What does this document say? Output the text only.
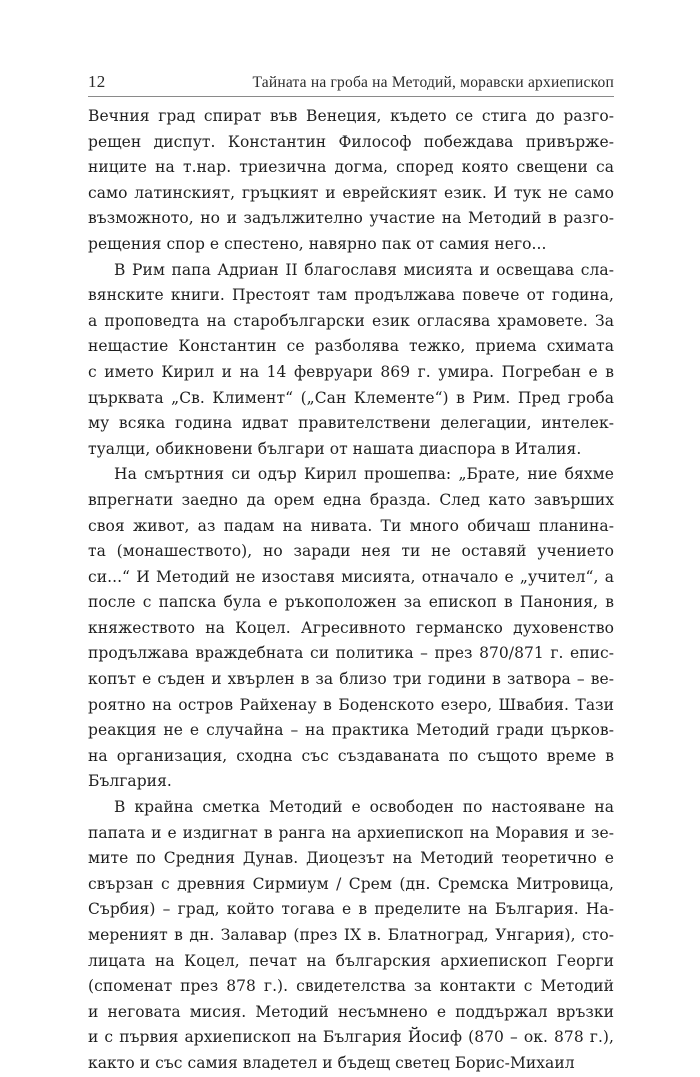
12	Тайната на гроба на Методий, моравски архиепископ
Вечния град спират във Венеция, където се стига до разго-
рещен диспут. Константин Философ побеждава привърже-
ниците на т.нар. триезична догма, според която свещени са
само латинският, гръцкият и еврейският език. И тук не само
възможното, но и задължително участие на Методий в разго-
рещения спор е спестено, навярно пак от самия него...
В Рим папа Адриан II благославя мисията и освещава сла-
вянските книги. Престоят там продължава повече от година,
а проповедта на старобългарски език огласява храмовете. За
нещастие Константин се разболява тежко, приема схимата
с името Кирил и на 14 февруари 869 г. умира. Погребан е в
църквата „Св. Климент“ („Сан Клементе“) в Рим. Пред гроба
му всяка година идват правителствени делегации, интелек-
туалци, обикновени българи от нашата диаспора в Италия.
На смъртния си одър Кирил прошепва: „Брате, ние бяхме
впрегнати заедно да орем една бразда. След като завърших
своя живот, аз падам на нивата. Ти много обичаш планина-
та (монашеството), но заради нея ти не оставяй учението
си...“ И Методий не изоставя мисията, отначало е „учител“, а
после с папска була е ръкоположен за епископ в Панония, в
княжеството на Коцел. Агресивното германско духовенство
продължава враждебната си политика – през 870/871 г. епис-
копът е съден и хвърлен в за близо три години в затвора – ве-
роятно на остров Райхенау в Боденското езеро, Швабия. Тази
реакция не е случайна – на практика Методий гради църков-
на организация, сходна със създаваната по същото време в
България.
В крайна сметка Методий е освободен по настояване на
папата и е издигнат в ранга на архиепископ на Моравия и зе-
мите по Средния Дунав. Диоцезът на Методий теоретично е
свързан с древния Сирмиум / Срем (дн. Сремска Митровица,
Сърбия) – град, който тогава е в пределите на България. На-
мереният в дн. Залавар (през IX в. Блатноград, Унгария), сто-
лицата на Коцел, печат на българския архиепископ Георги
(споменат през 878 г.). свидетелства за контакти с Методий
и неговата мисия. Методий несъмнено е поддържал връзки
и с първия архиепископ на България Йосиф (870 – ок. 878 г.),
както и със самия владетел и бъдещ светец Борис-Михаил
